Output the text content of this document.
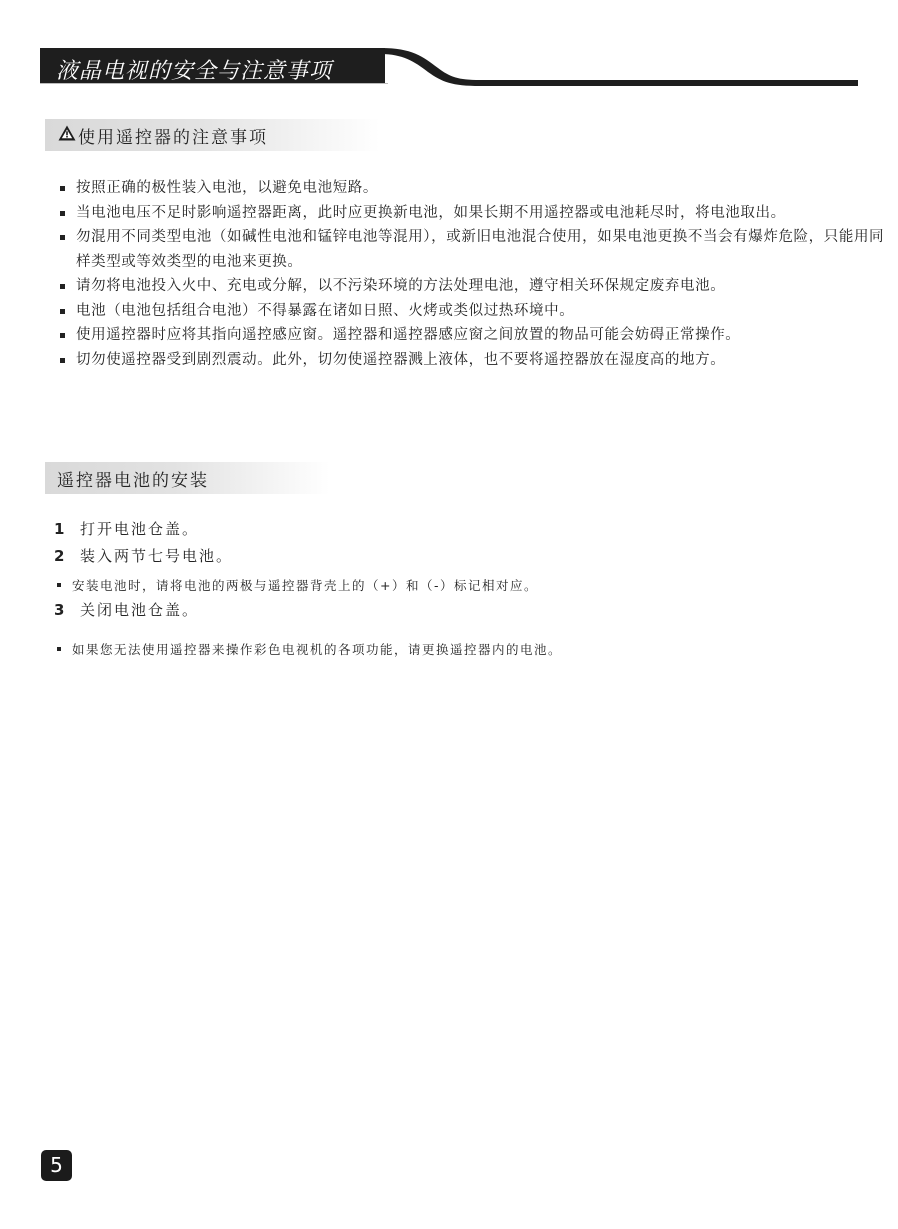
液晶电视的安全与注意事项
使用遥控器的注意事项
按照正确的极性装入电池，以避免电池短路。
当电池电压不足时影响遥控器距离，此时应更换新电池，如果长期不用遥控器或电池耗尽时，将电池取出。
勿混用不同类型电池（如碱性电池和锰锌电池等混用），或新旧电池混合使用，如果电池更换不当会有爆炸危险，只能用同样类型或等效类型的电池来更换。
请勿将电池投入火中、充电或分解，以不污染环境的方法处理电池，遵守相关环保规定废弃电池。
电池（电池包括组合电池）不得暴露在诸如日照、火烤或类似过热环境中。
使用遥控器时应将其指向遥控感应窗。遥控器和遥控器感应窗之间放置的物品可能会妨碍正常操作。
切勿使遥控器受到剧烈震动。此外，切勿使遥控器溅上液体，也不要将遥控器放在湿度高的地方。
遥控器电池的安装
1	打开电池仓盖。
2	装入两节七号电池。
安装电池时，请将电池的两极与遥控器背壳上的（+）和（-）标记相对应。
3	关闭电池仓盖。
如果您无法使用遥控器来操作彩色电视机的各项功能，请更换遥控器内的电池。
5
